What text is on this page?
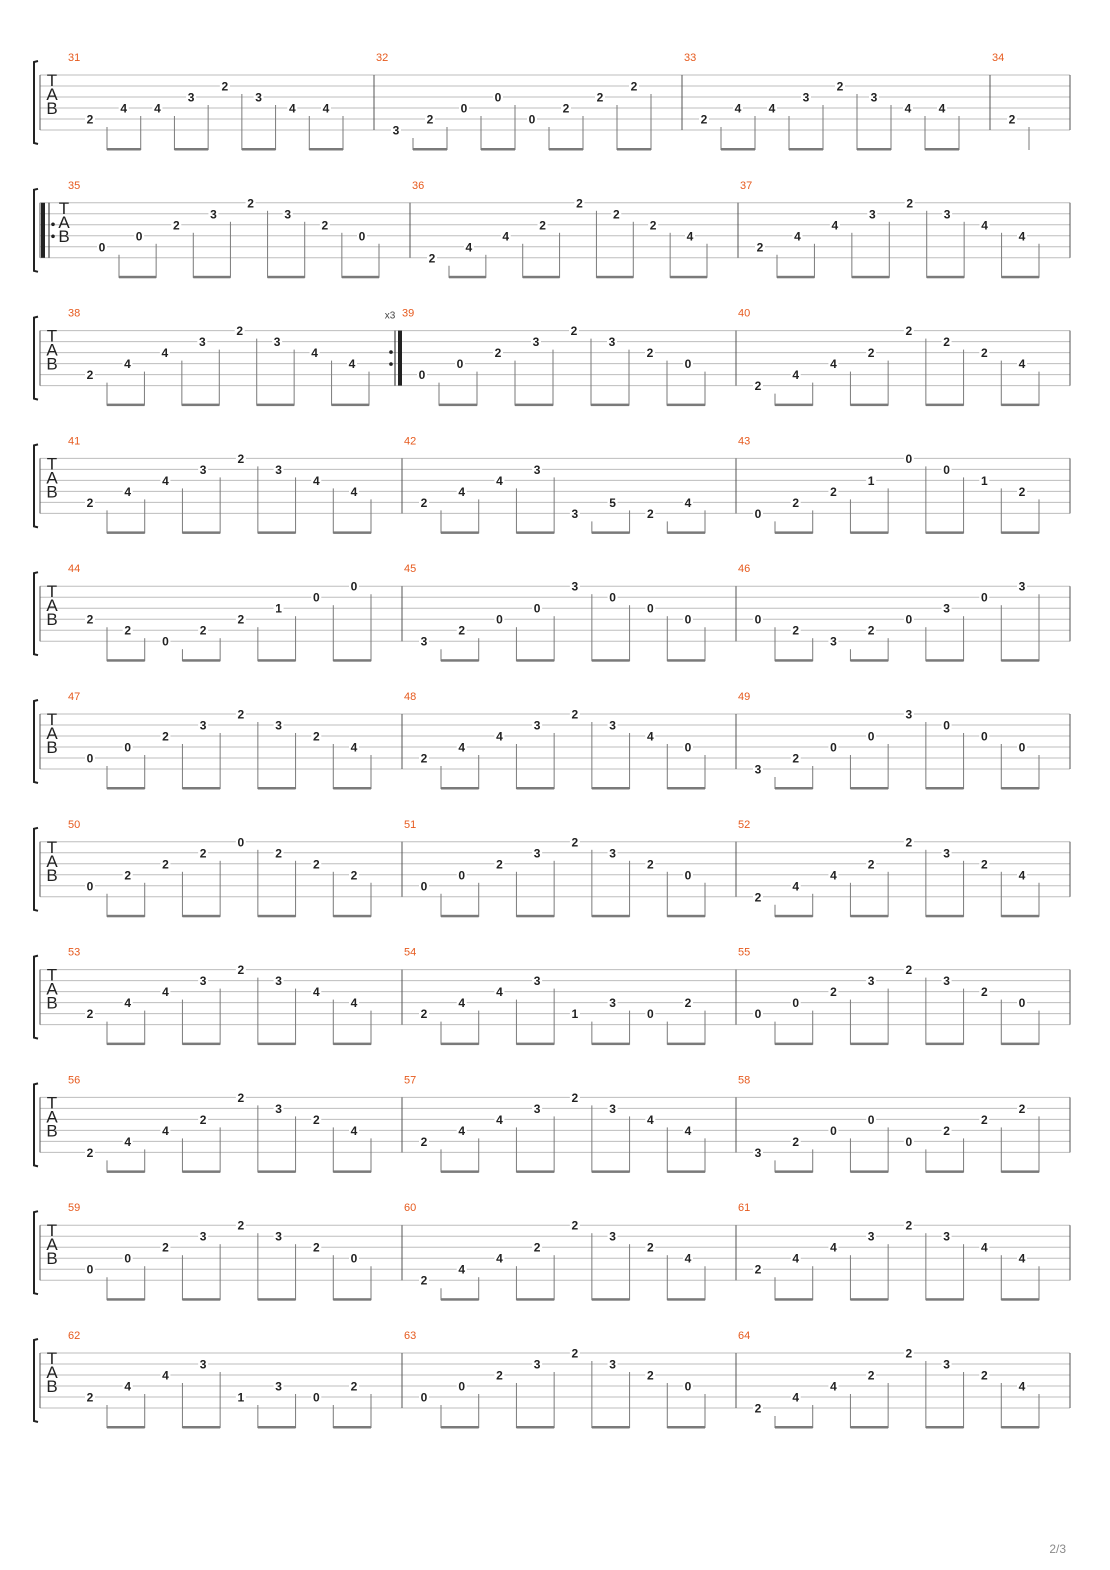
T
A
B
31
2
4 4
3
2
3
4 4
32
3
2
0
0
0
2
2
2
33
2
4 4
3
2
3
4 4
34
2
T
A
B
35
0
0
2
3
2
3
2
0
36
2
4
4
2
2
2
2
4
37
2
4
4
3
2
3
4
4
T
A
B
x3
38
2
4
4
3
2
3
4
4
39
0
0
2
3
2
3
2
0
40
2
4
4
2
2
2
2
4
T
A
B
41
2
4
4
3
2
3
4
4
42
2
4
4
3
3
5
2
4
43
0
2
2
1
0
0
1
2
T
A
B
44
2
2
0
2
2
1
0
0
45
3
2
0
0
3
0
0
0
46
0
2
3
2
0
3
0
3
T
A
B
47
0
0
2
3
2
3
2
4
48
2
4
4
3
2
3
4
0
49
3
2
0
0
3
0
0
0
T
A
B
50
0
2
2
2
0
2
2
2
51
0
0
2
3
2
3
2
0
52
2
4
4
2
2
3
2
4
T
A
B
53
2
4
4
3
2
3
4
4
54
2
4
4
3
1
3
0
2
55
0
0
2
3
2
3
2
0
T
A
B
56
2
4
4
2
2
3
2
4
57
2
4
4
3
2
3
4
4
58
3
2
0
0
0
2
2
2
T
A
B
59
0
0
2
3
2
3
2
0
60
2
4
4
2
2
3
2
4
61
2
4
4
3
2
3
4
4
T
A
B
62
2
4
4
3
1
3
0
2
63
0
0
2
3
2
3
2
0
64
2
4
4
2
2
3
2
4
2/3
